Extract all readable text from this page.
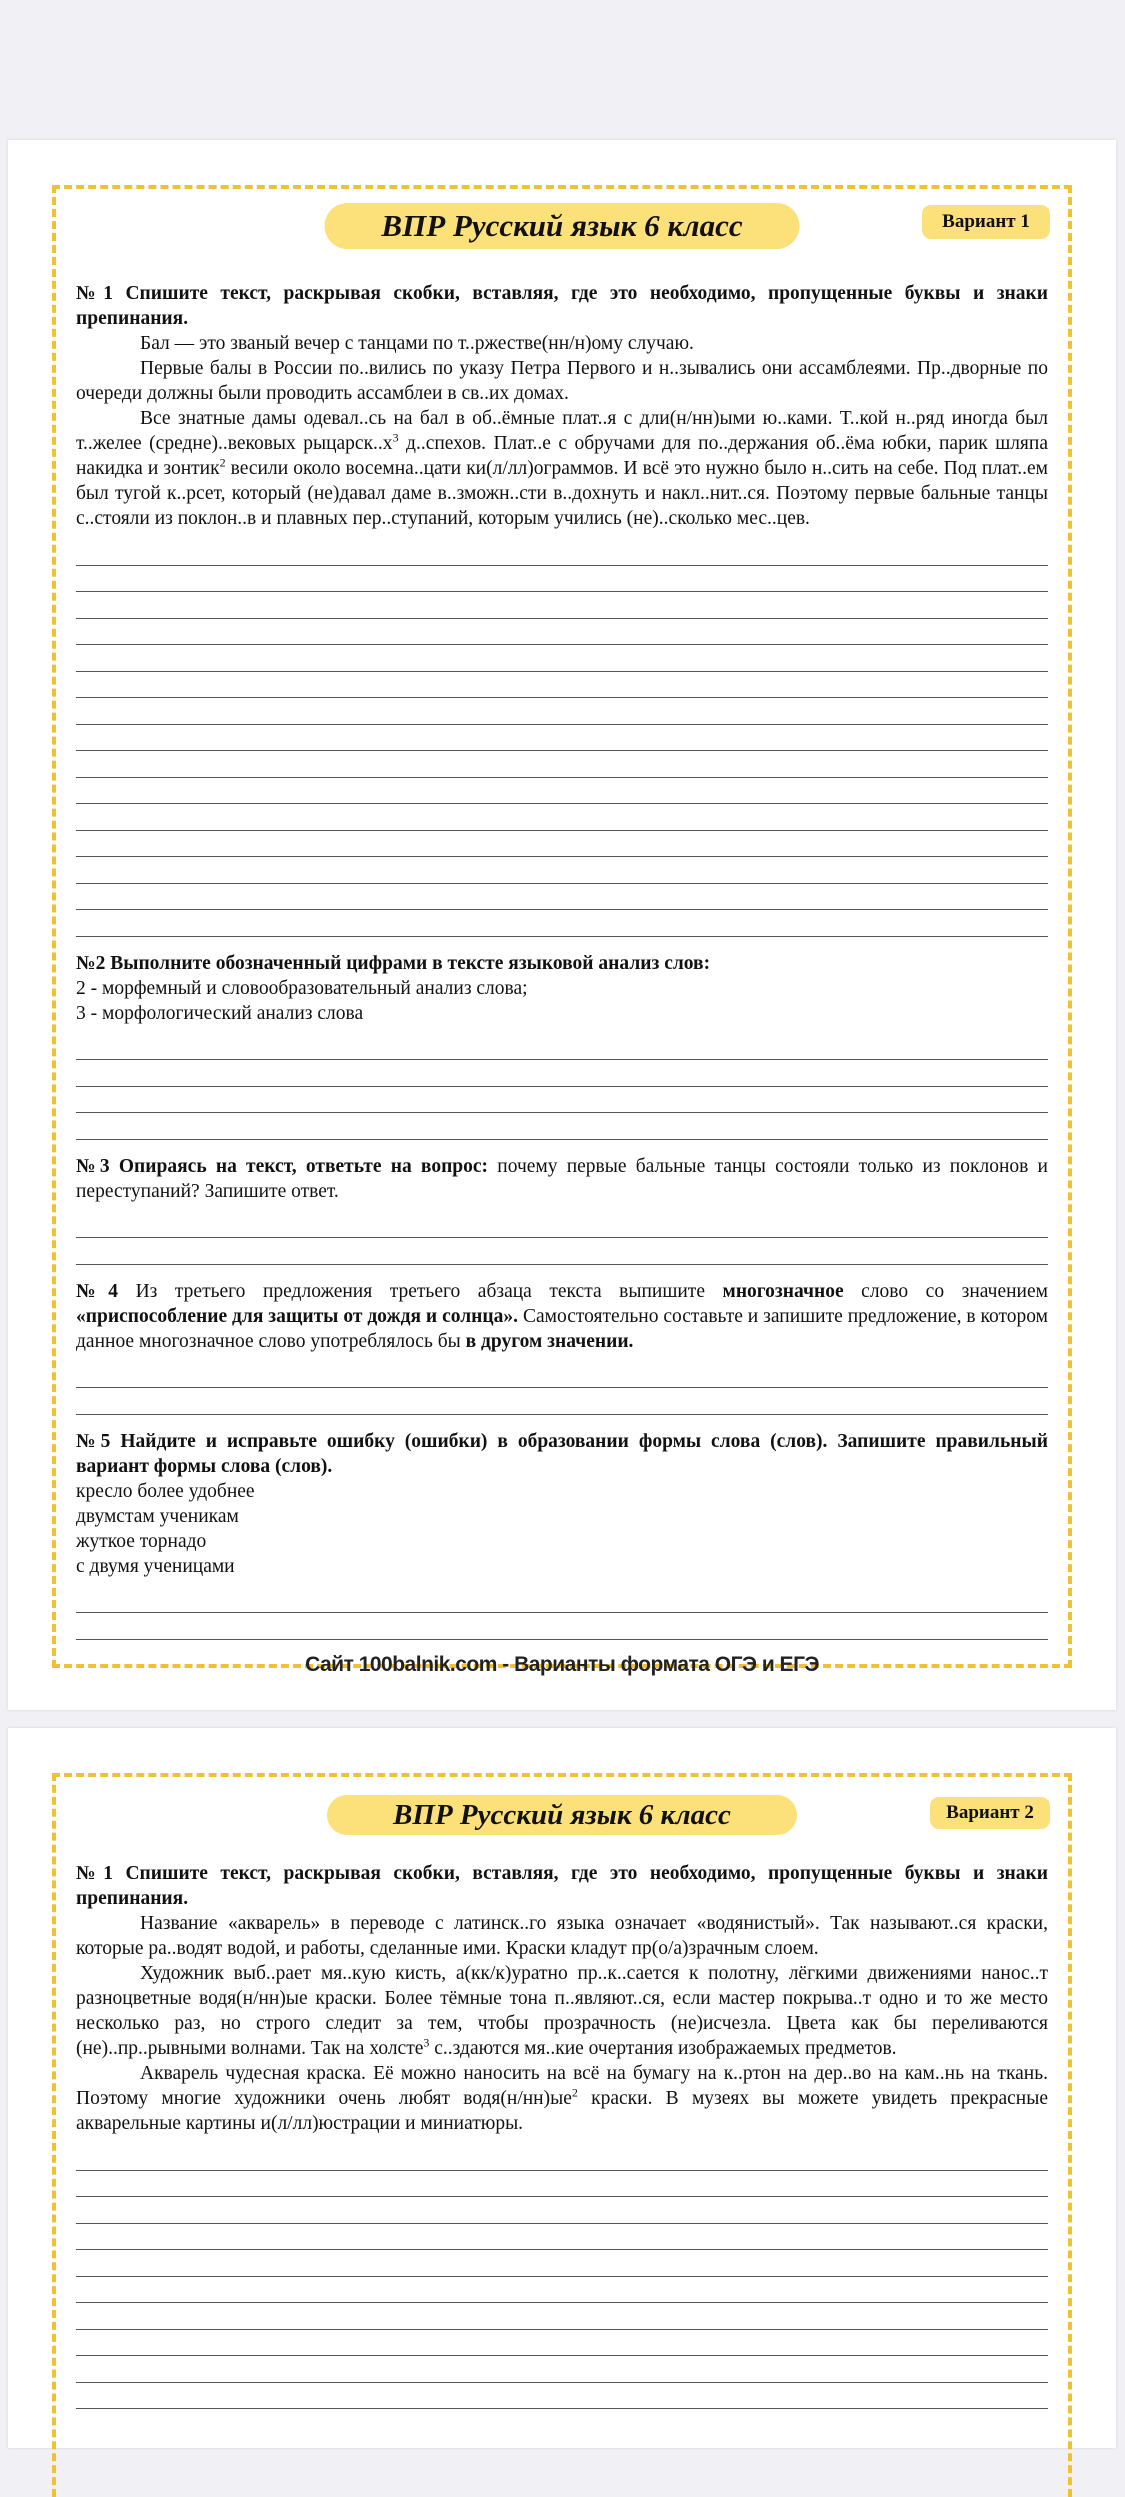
ВПР Русский язык 6 класс	Вариант 1

№1 Спишите текст, раскрывая скобки, вставляя, где это необходимо, пропущенные буквы и знаки препинания.

Бал — это званый вечер с танцами по т..ржестве(нн/н)ому случаю.

Первые балы в России по..вились по указу Петра Первого и н..зывались они ассамблеями. Пр..дворные по очереди должны были проводить ассамблеи в св..их домах.

Все знатные дамы одевал..сь на бал в об..ёмные плат..я с дли(н/нн)ыми ю..ками. Т..кой н..ряд иногда был т..желее (средне)..вековых $рыцарск..х^3$ д..спехов. Плат..е с обручами для по..держания об..ёма юбки, парик шляпа накидка и зонтик$^2$ весили около восемна..цати ки(л/лл)ограммов. И всё это нужно было н..сить на себе. Под плат..ем был тугой к..рсет, который (не)давал даме в..зможн..сти в..дохнуть и накл..нит..ся. Поэтому первые бальные танцы с..стояли из поклон..в и плавных пер..ступаний, которым учились (не)..сколько мес..цев.

№2 Выполните обозначенный цифрами в тексте языковой анализ слов:

2 - морфемный и словообразовательный анализ слова;

3 - морфологический анализ слова

№3 Опираясь на текст, ответьте на вопрос: почему первые бальные танцы состояли только из поклонов и переступаний? Запишите ответ.

№4 Из третьего предложения третьего абзаца текста выпишите многозначное слово со значением «приспособление для защиты от дождя и солнца». Самостоятельно составьте и запишите предложение, в котором данное многозначное слово употреблялось бы в другом значении.

№5 Найдите и исправьте ошибку (ошибки) в образовании формы слова (слов). Запишите правильный вариант формы слова (слов).

кресло более удобнее

двумстам ученикам

жуткое торнадо

с двумя ученицами

Сайт 100balnik.com - Варианты формата ОГЭ и ЕГЭ
ВПР Русский язык 6 класс	Вариант 2

№1 Спишите текст, раскрывая скобки, вставляя, где это необходимо, пропущенные буквы и знаки препинания.

Название «акварель» в переводе с латинск..го языка означает «водянистый». Так называют..ся краски, которые ра..водят водой, и работы, сделанные ими. Краски кладут пр(о/а)зрачным слоем.

Художник выб..рает мя..кую кисть, а(кк/к)уратно пр..к..сается к полотну, лёгкими движениями нанос..т разноцветные водя(н/нн)ые краски. Более тёмные тона п..являют..ся, если мастер покрыва..т одно и то же место несколько раз, но строго следит за тем, чтобы прозрачность (не)исчезла. Цвета как бы переливаются (не)..пр..рывными волнами. Так на холсте$^3$ с..здаются мя..кие очертания изображаемых предметов.

Акварель чудесная краска. Её можно наносить на всё на бумагу на к..ртон на дер..во на кам..нь на ткань. Поэтому многие художники очень любят $водя(н/нн)ые^2$ краски. В музеях вы можете увидеть прекрасные акварельные картины и(л/лл)юстрации и миниатюры.
